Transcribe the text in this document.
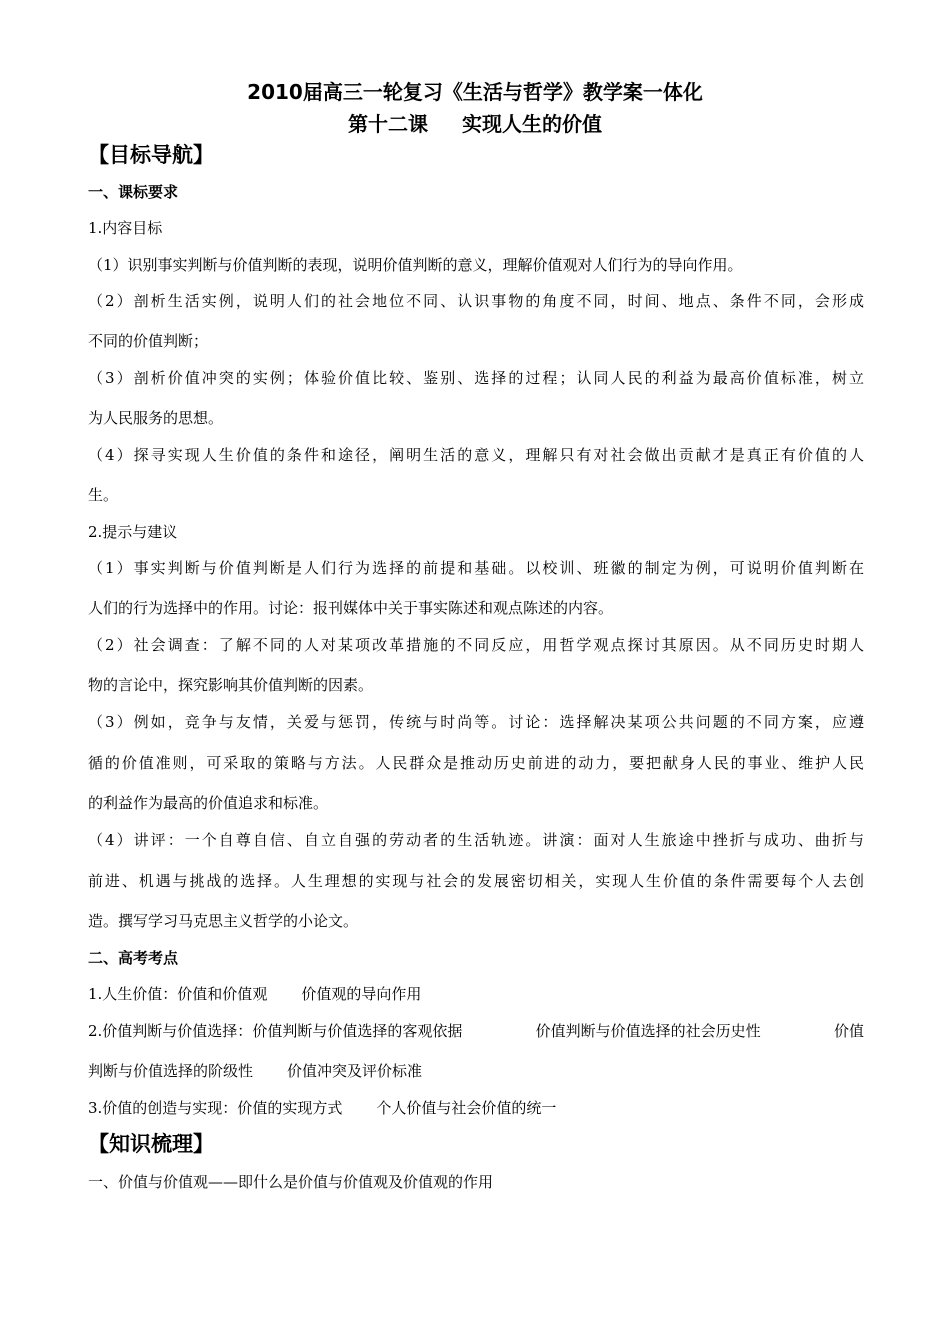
2010届高三一轮复习《生活与哲学》教学案一体化
第十二课 实现人生的价值
【目标导航】
一、课标要求
1.内容目标
（1）识别事实判断与价值判断的表现，说明价值判断的意义，理解价值观对人们行为的导向作用。
（2）剖析生活实例，说明人们的社会地位不同、认识事物的角度不同，时间、地点、条件不同，会形成
不同的价值判断；
（3）剖析价值冲突的实例；体验价值比较、鉴别、选择的过程；认同人民的利益为最高价值标准，树立
为人民服务的思想。
（4）探寻实现人生价值的条件和途径，阐明生活的意义，理解只有对社会做出贡献才是真正有价值的人
生。
2.提示与建议
（1）事实判断与价值判断是人们行为选择的前提和基础。以校训、班徽的制定为例，可说明价值判断在
人们的行为选择中的作用。讨论：报刊媒体中关于事实陈述和观点陈述的内容。
（2）社会调查：了解不同的人对某项改革措施的不同反应，用哲学观点探讨其原因。从不同历史时期人
物的言论中，探究影响其价值判断的因素。
（3）例如，竞争与友情，关爱与惩罚，传统与时尚等。讨论：选择解决某项公共问题的不同方案，应遵
循的价值准则，可采取的策略与方法。人民群众是推动历史前进的动力，要把献身人民的事业、维护人民
的利益作为最高的价值追求和标准。
（4）讲评：一个自尊自信、自立自强的劳动者的生活轨迹。讲演：面对人生旅途中挫折与成功、曲折与
前进、机遇与挑战的选择。人生理想的实现与社会的发展密切相关，实现人生价值的条件需要每个人去创
造。撰写学习马克思主义哲学的小论文。
二、高考考点
1.人生价值：价值和价值观 价值观的导向作用
2.价值判断与价值选择：价值判断与价值选择的客观依据	价值判断与价值选择的社会历史性	价值
判断与价值选择的阶级性 价值冲突及评价标准
3.价值的创造与实现：价值的实现方式 个人价值与社会价值的统一
【知识梳理】
一、价值与价值观——即什么是价值与价值观及价值观的作用
